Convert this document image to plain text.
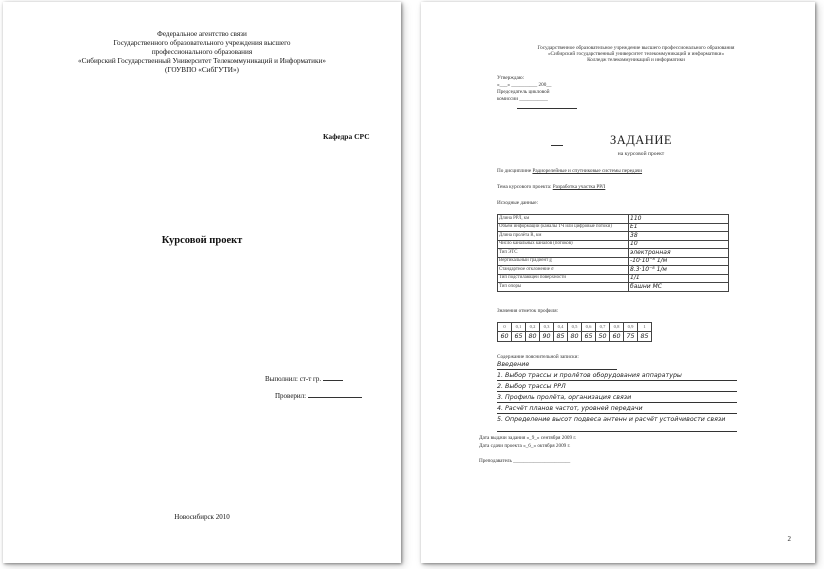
Федеральное агентство связи
Государственного образовательного учреждения высшего
профессионального образования
«Сибирский Государственный Университет Телекоммуникаций и Информатики»
(ГОУВПО «СибГУТИ»)
Кафедра СРС
Курсовой проект
Выполнил: ст-т гр.
Проверил:
Новосибирск 2010
Государственное образовательное учреждение высшего профессионального образования
«Сибирский государственный университет телекоммуникаций и информатики»
Колледж телекоммуникаций и информатики
Утверждаю:
«___» __________ 200__
Председатель цикловой
комиссии ___________
ЗАДАНИЕ
на курсовой проект
По дисциплине Радиорелейные и спутниковые системы передачи
Тема курсового проекта: Разработка участка РРЛ
Исходные данные:
Длина РРЛ, км	110
Объем информации (каналы ТЧ или цифровые потоки)	E1
Длина пролёта R, км	38
Число канальных каналов (потоков)	10
Тип ЭТС	электронная
Вертикальный градиент g	-10·10⁻⁸ 1/м
Стандартное отклонение σ	8.3·10⁻⁸ 1/м
Тип подстилающей поверхности	1/1
Тип опоры	башни МС
Значения отметок профиля:
0	0,1	0,2	0,3	0,4	0,5	0,6	0,7	0,8	0,9	1
60	65	80	90	85	80	65	50	60	75	85
Содержание пояснительной записки:
Введение
1. Выбор трассы и пролётов оборудования аппаратуры
2. Выбор трассы РРЛ
3. Профиль пролёта, организация связи
4. Расчёт планов частот, уровней передачи
5. Определение высот подвеса антенн и расчёт устойчивости связи
Дата выдачи задания «_9_» сентября 2009 г.
Дата сдачи проекта «_6_» октября 2009 г.
Преподаватель ______________________
2
